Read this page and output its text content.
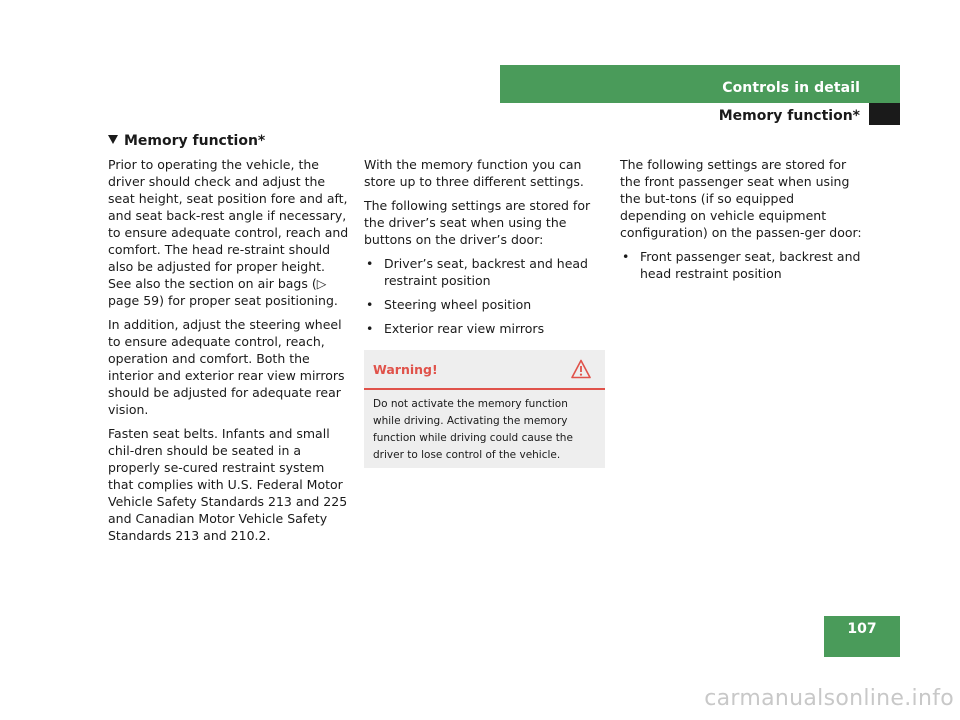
Controls in detail
Memory function*
Memory function*

Prior to operating the vehicle, the driver should check and adjust the seat height, seat position fore and aft, and seat back-rest angle if necessary, to ensure adequate control, reach and comfort. The head re-straint should also be adjusted for proper height. See also the section on air bags (▷ page 59) for proper seat positioning.

In addition, adjust the steering wheel to ensure adequate control, reach, operation and comfort. Both the interior and exterior rear view mirrors should be adjusted for adequate rear vision.

Fasten seat belts. Infants and small chil-dren should be seated in a properly se-cured restraint system that complies with U.S. Federal Motor Vehicle Safety Standards 213 and 225 and Canadian Motor Vehicle Safety Standards 213 and 210.2.

With the memory function you can store up to three different settings.

The following settings are stored for the driver’s seat when using the buttons on the driver’s door:

• Driver’s seat, backrest and head restraint position
• Steering wheel position
• Exterior rear view mirrors
Warning!
Do not activate the memory function while driving. Activating the memory function while driving could cause the driver to lose control of the vehicle.

The following settings are stored for the front passenger seat when using the but-tons (if so equipped depending on vehicle equipment configuration) on the passen-ger door:

• Front passenger seat, backrest and head restraint position
107
carmanualsonline.info
